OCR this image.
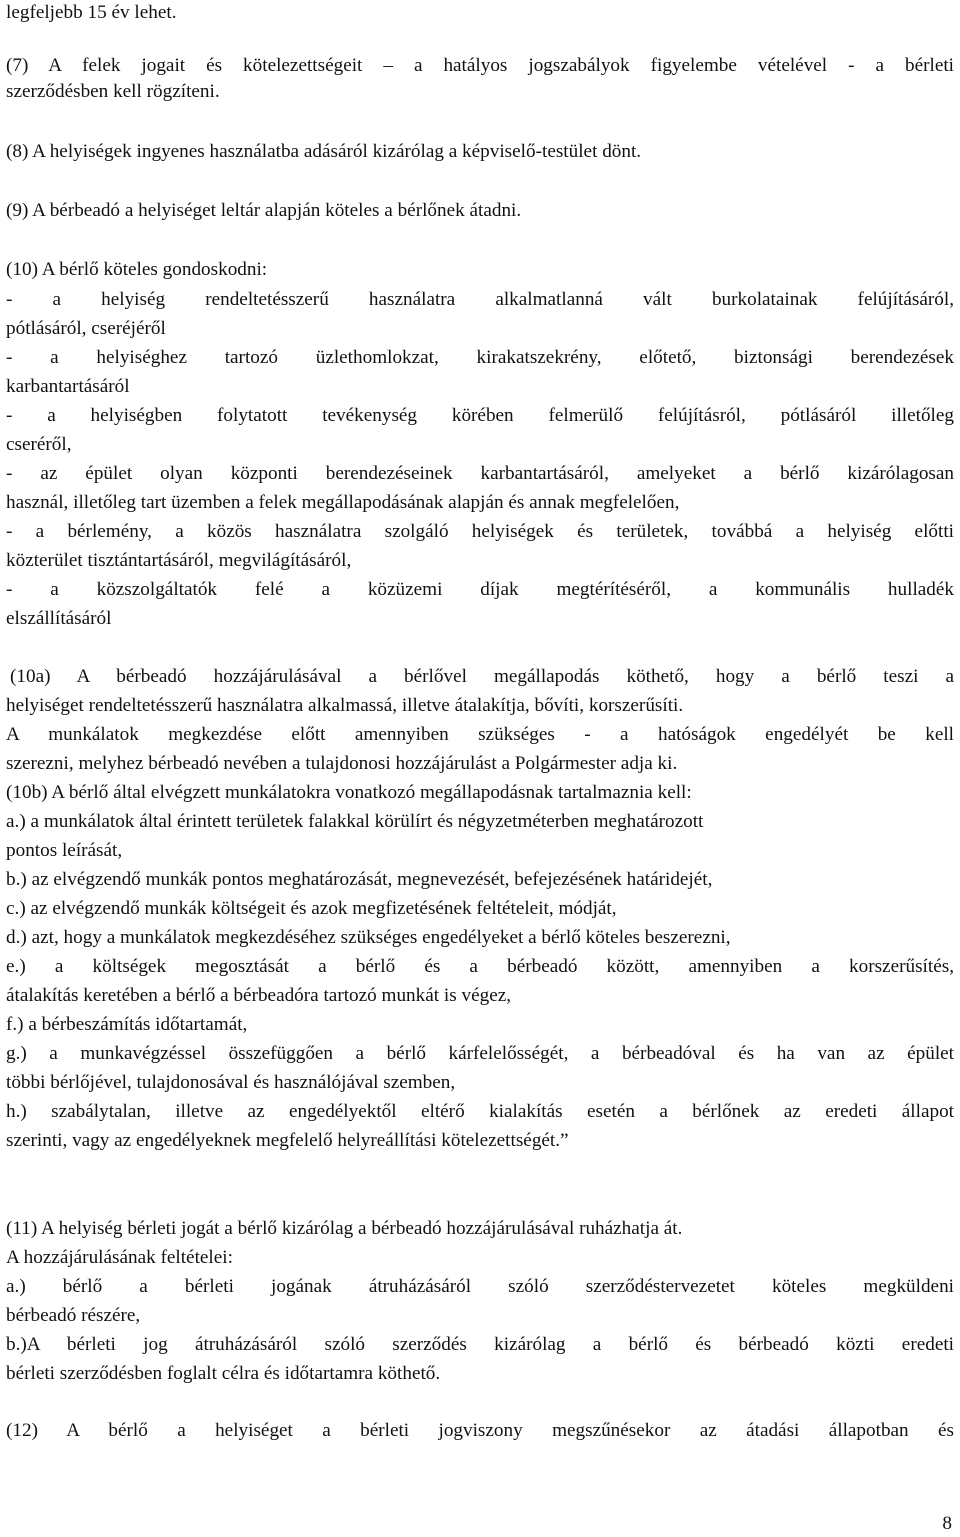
legfeljebb 15 év lehet.
(7) A felek jogait és kötelezettségeit – a hatályos jogszabályok figyelembe vételével - a bérleti
szerződésben kell rögzíteni.
(8) A helyiségek ingyenes használatba adásáról kizárólag a képviselő-testület dönt.
(9) A bérbeadó a helyiséget leltár alapján köteles a bérlőnek átadni.
(10) A bérlő köteles gondoskodni:
- a helyiség rendeltetésszerű használatra alkalmatlanná vált burkolatainak felújításáról,
pótlásáról, cseréjéről
- a helyiséghez tartozó üzlethomlokzat, kirakatszekrény, előtető, biztonsági berendezések
karbantartásáról
- a helyiségben folytatott tevékenység körében felmerülő felújításról, pótlásáról illetőleg
cseréről,
- az épület olyan központi berendezéseinek karbantartásáról, amelyeket a bérlő kizárólagosan
használ, illetőleg tart üzemben a felek megállapodásának alapján és annak megfelelően,
- a bérlemény, a közös használatra szolgáló helyiségek és területek, továbbá a helyiség előtti
közterület tisztántartásáról, megvilágításáról,
- a közszolgáltatók felé a közüzemi díjak megtérítéséről, a kommunális hulladék
elszállításáról
(10a) A bérbeadó hozzájárulásával a bérlővel megállapodás köthető, hogy a bérlő teszi a
helyiséget rendeltetésszerű használatra alkalmassá, illetve átalakítja, bővíti, korszerűsíti.
A munkálatok megkezdése előtt amennyiben szükséges - a hatóságok engedélyét be kell
szerezni, melyhez bérbeadó nevében a tulajdonosi hozzájárulást a Polgármester adja ki.
(10b) A bérlő által elvégzett munkálatokra vonatkozó megállapodásnak tartalmaznia kell:
a.) a munkálatok által érintett területek falakkal körülírt és négyzetméterben meghatározott
pontos leírását,
b.) az elvégzendő munkák pontos meghatározását, megnevezését, befejezésének határidejét,
c.) az elvégzendő munkák költségeit és azok megfizetésének feltételeit, módját,
d.) azt, hogy a munkálatok megkezdéséhez szükséges engedélyeket a bérlő köteles beszerezni,
e.) a költségek megosztását a bérlő és a bérbeadó között, amennyiben a korszerűsítés,
átalakítás keretében a bérlő a bérbeadóra tartozó munkát is végez,
f.) a bérbeszámítás időtartamát,
g.) a munkavégzéssel összefüggően a bérlő kárfelelősségét, a bérbeadóval és ha van az épület
többi bérlőjével, tulajdonosával és használójával szemben,
h.) szabálytalan, illetve az engedélyektől eltérő kialakítás esetén a bérlőnek az eredeti állapot
szerinti, vagy az engedélyeknek megfelelő helyreállítási kötelezettségét.”
(11) A helyiség bérleti jogát a bérlő kizárólag a bérbeadó hozzájárulásával ruházhatja át.
A hozzájárulásának feltételei:
a.) bérlő a bérleti jogának átruházásáról szóló szerződéstervezetet köteles megküldeni
bérbeadó részére,
b.)A bérleti jog átruházásáról szóló szerződés kizárólag a bérlő és bérbeadó közti eredeti
bérleti szerződésben foglalt célra és időtartamra köthető.
(12) A bérlő a helyiséget a bérleti jogviszony megszűnésekor az átadási állapotban és
8
